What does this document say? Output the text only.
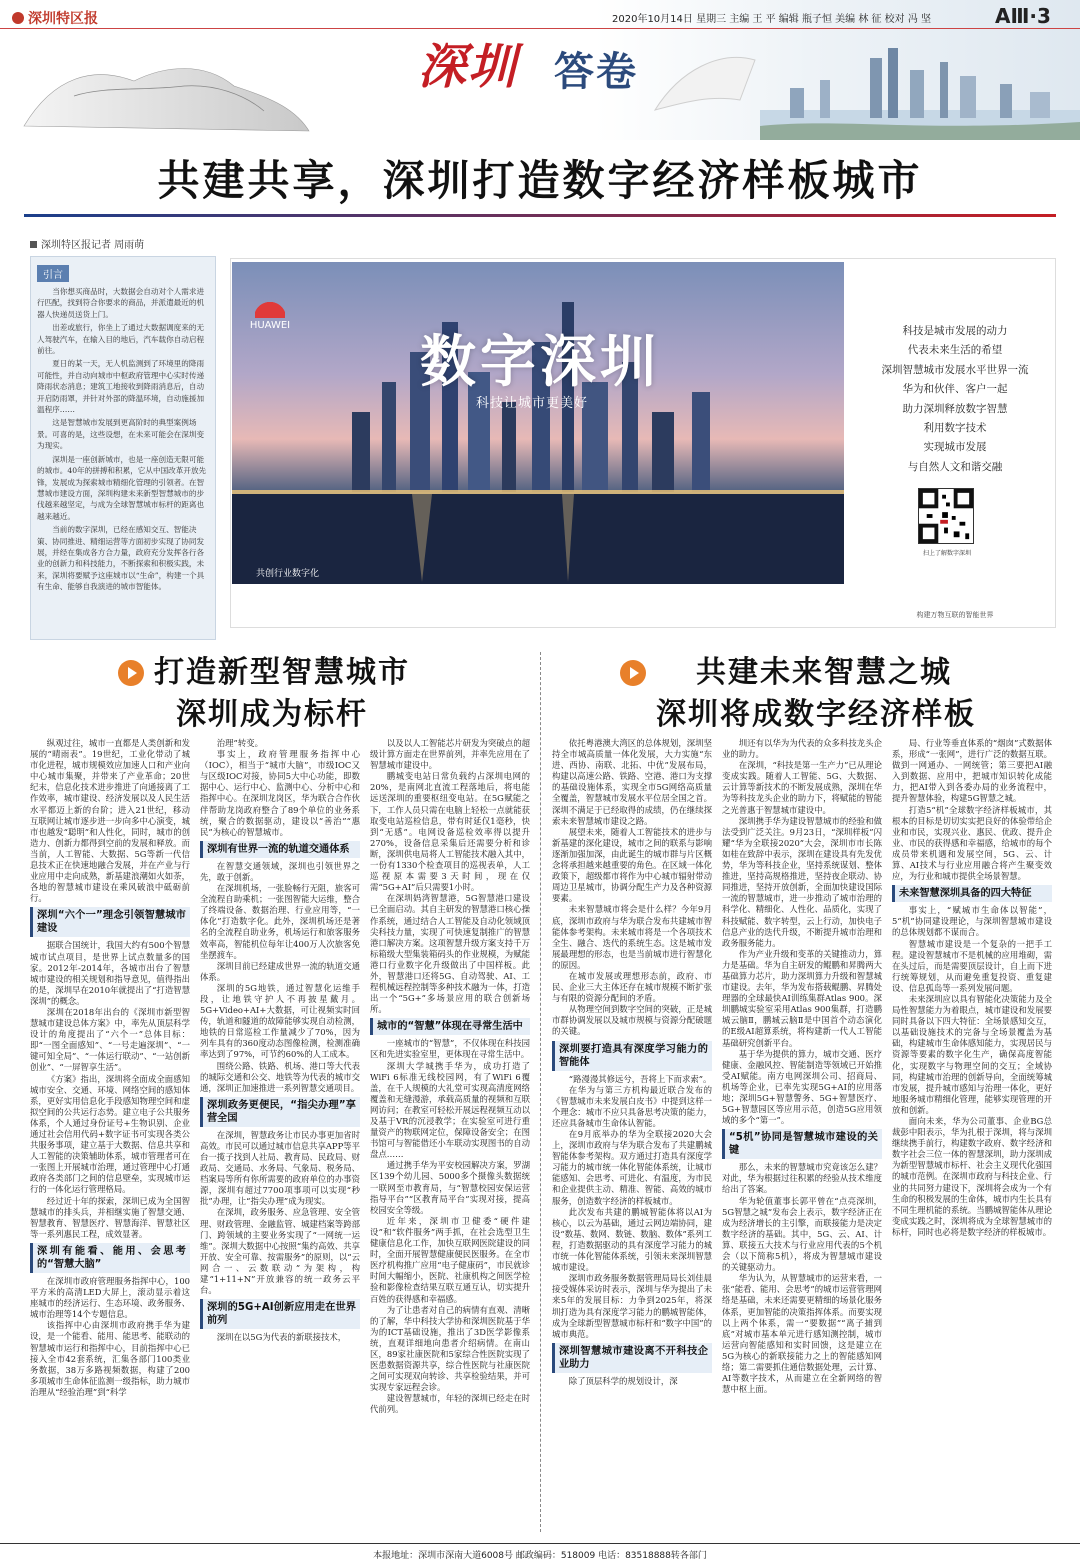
深圳特区报	2020年10月14日 星期三 主编 王 平 编辑 瓶子恒 美编 林 征 校对 冯 坚	AⅢ·3
深圳 答卷
共建共享，深圳打造数字经济样板城市
深圳特区报记者 周雨萌
引言

当你想买商品时，大数据会自动对个人需求进行匹配，找到符合你要求的商品，并派遣最近的机器人快递员送货上门。

出差或旅行，你坐上了通过大数据调度来的无人驾驶汽车，在输入目的地后，汽车载你自动启程前往。

夏日的某一天，无人机监测到了环境里的降雨可能性，并自动向城市中枢政府管理中心实时传递降雨状态消息；建筑工地接收到降雨消息后，自动开启防雨罩，并针对外部的降温环境，自动施援加温程序……

这是智慧城市发展到更高阶时的典型案例场景。可喜的是，这些设想，在未来可能会在深圳变为现实。

深圳是一座创新城市，也是一座创造无限可能的城市。40年的拼搏和积累，它从中国改革开放先锋，发展成为探索城市精细化管理的引领者。在智慧城市建设方面，深圳构建未来新型智慧城市的步伐越来越坚定，与成为全球智慧城市标杆的距离也越来越近。

当前的数字深圳，已经在感知交互、智能决策、协同推进、精细运营等方面初步实现了协同发展，并经在集成各方合力量，政府充分发挥各行各业的创新力和科技能力，不断探索和积极实践，未来，深圳将要赋予这座城市以“生命”，构建一个具有生命、能够自我演进的城市智能体。

HUAWEI
数字深圳
科技让城市更美好
共创行业数字化
科技是城市发展的动力
代表未来生活的希望
深圳智慧城市发展水平世界一流
华为和伙伴、客户一起
助力深圳释放数字智慧
利用数字技术
实现城市发展
与自然人文和谐交融
扫上了解数字深圳
构建万物互联的智能世界
打造新型智慧城市
深圳成为标杆
共建未来智慧之城
深圳将成数字经济样板

纵观过往，城市一直都是人类创新和发展的“晴雨表”。19世纪，工业化带动了城市化进程，城市规模效应加速人口和产业向中心城市集聚，并带来了产业革命；20世纪末，信息化技术进步推进了向通接离了工作效率，城市建设、经济发展以及人民生活水平都迈上新的台阶；进入21世纪，移动互联网让城市逐步进一步向多中心演变，城市也越发“聪明”和人性化，同时，城市的创造力、创新力都得到空前的发展和释放。而当前，人工智能、大数据、5G等新一代信息技术正在快速地融合发展，并在产业与行业应用中走向成熟，新基建浪潮如火如荼，各地的智慧城市建设在乘风破浪中砥砺前行。

深圳“六个一”理念引领智慧城市建设

据联合国统计，我国大约有500个智慧城市试点项目，是世界上试点数量多的国家。2012年-2014年，各城市出台了智慧城市建设的相关规划和指导意见，值得指出的是，深圳早在2010年就提出了“打造智慧深圳”的概念。

深圳在2018年出台的《深圳市新型智慧城市建设总体方案》中，率先从顶层科学设计的角度提出了“六个一”总体目标：即“一图全面感知”、“一号走遍深圳”、“一键可知全局”、“一体运行联动”、“一站创新创业”、“一屏智享生活”。

《方案》指出，深圳将全面成全面感知城市安全、交通、环境、网络空间的感知体系，更好实用信息化手段感知物理空间和虚拟空间的公共运行态势。建立电子公共服务体系，个人通过身份证号+生物识别、企业通过社会信用代码+数字证书可实现各类公共服务事项，建立基于大数据、信息共享和人工智能的决策辅助体系，城市管理者可在一张图上开展城市治理，通过管理中心打通政府各类部门之间的信息壁垒，实现城市运行的一体化运行管理格局。

经过近十年的探索，深圳已成为全国智慧城市的排头兵，并相继实施了智慧交通、智慧教育、智慧医疗、智慧海洋、智慧社区等一系列惠民工程，成效显著。

深圳有能看、能用、会思考的“智慧大脑”

在深圳市政府管理服务指挥中心，100平方米的高清LED大屏上，滚动显示着这座城市的经济运行、生态环境、政务服务、城市治理等14个专题信息。

该指挥中心由深圳市政府携手华为建设，是一个能看、能用、能思考、能联动的智慧城市运行和指挥中心，目前指挥中心已接入全市42套系统，汇集各部门100类业务数据，38万多路视频数据，构建了200多项城市生命体征监测一级指标，助力城市治理从“经验治理”到“科学

治理”转变。

事实上，政府管理服务指挥中心（IOC），相当于“城市大脑”，市级IOC又与区级IOC对接，协同5大中心功能，即数据中心、运行中心、监测中心、分析中心和指挥中心。在深圳龙岗区，华为联合合作伙伴帮助龙岗政府整合了89个单位的业务系统，聚合的数据驱动，建设以“善治”“惠民”为核心的智慧城市。

深圳有世界一流的轨道交通体系

在智慧交通领域，深圳也引领世界之先，敢于创新。

在深圳机场，一张脸畅行无阻，旅客可全流程自助乘机；一张图智能大运维，整合了终端设备、数据治理、行业应用等，“一体化”打造数字化。此外，深圳机场还是著名的全流程自助业务，机场运行和旅客服务效率高，智能机位每年让400万人次旅客免坐摆渡车。

深圳目前已经建成世界一流的轨道交通体系。

深圳的5G地铁，通过智慧化运维手段，让地铁守护人不再披星戴月。5G+Video+AI+大数据，可让视频实时回传，轨道和隧道的故障能够实现自动检测，地铁的日常巡检工作量减少了70%，因为列车具有的360度动态图像检测，检测准确率达到了97%，可节约60%的人工成本。

围绕公路、铁路、机场、港口等大代表的城际交通和公交、地铁等为代表的城市交通，深圳正加速推进一系列智慧交通项目。

深圳政务更便民，“指尖办理”享营全国

在深圳，智慧政务让市民办事更加省时高效。市民可以通过城市信息共享APP等平台一揽子找到人社局、教育局、民政局、财政局、交通局、水务局、气象局、税务局、档案局等所有你所需要的政府单位的办事资源，深圳有超过7700项事项可以实现“秒批”办理，让“指尖办理”成为现实。

在深圳，政务服务、应急管理、安全管理、财政管理、金融监管、城建档案等跨部门、跨领域的主要业务实现了“一网统一运维”。深圳大数据中心按照“集约高效、共享开放、安全可靠、按需服务”的原则，以“云网合一、云数联动”为架构，构建“1+11+N”开放兼容的统一政务云平台。

深圳的5G+AI创新应用走在世界前列

深圳在以5G为代表的新联接技术，

以及以人工智能芯片研发为突破点的超级计算方面走在世界前列，并率先应用在了智慧城市建设中。

鹏城变电站日常负载约占深圳电网的20%，是南网北直流工程落地后，将电能远送深圳的重要枢纽变电站。在5G赋能之下，工作人员只需在电脑上轻松一点就能获取变电站巡检信息，带有时延仅1毫秒，快到“无感”。电网设备巡检效率得以提升270%，设备信息采集后还需要分析和诊断，深圳供电局将人工智能技术融入其中，一份有1330个检查项目的巡视表单，人工巡视原本需要3天时间，现在仅需“5G+AI”后只需要1小时。

在深圳妈湾智慧港，5G智慧港口建设已全面启动。其自主研发的智慧港口核心操作系统，通过结合人工智能及自动化领域顶尖科技力量，实现了可快速复制推广的智慧港口解决方案。这项智慧升级方案支持千万标箱级大型集装箱码头的作业规模，为赋能港口行业数字化升级做出了中国样板。此外，智慧港口还将5G、自动驾驶、AI、工程机械远程控制等多种技术融为一体，打造出一个“5G+”多场景应用的联合创新场所。

城市的“智慧”体现在寻常生活中

一座城市的“智慧”，不仅体现在科技园区和先进实验室里，更体现在寻常生活中。

深圳大学城携手华为，成功打造了WiFi 6标准无线校园网，有了WiFi 6覆盖，在千人规模的大礼堂可实现高清度网络覆盖和无缝漫游，承载高质量的视频和互联网访问；在教室可轻松开展远程视频互动以及基于VR的沉浸教学；在实验室可进行重量资产的物联网定位，保障设备安全；在图书馆可与智能借还小车联动实现图书的自动盘点……

通过携手华为平安校园解决方案，罗湖区139个幼儿园、5000多个摄像头数据统一联网至市教育局，与“智慧校园安保运营指导平台”“区教育局平台”实现对接，提高校园安全等级。

近年来，深圳市卫健委“硬件建设”和“软件服务”两手抓，在社会选型卫生健康信息化工作，加快互联网医院建设的同时，全面开展智慧健康便民医服务。在全市医疗机构推广应用“电子健康码”，市民就诊时间大幅缩小，医院、社康机构之间医学检验和影像检查结果互联互通互认，切实提升百姓的获得感和幸福感。

为了让患者对自己的病情有直观、清晰的了解，华中科技大学协和深圳医院基于华为的ICT基础设施，推出了3D医学影像系统，直观详细地向患者介绍病情。在南山区，89家社康医院和5家综合性医院实现了医患数据资源共享，综合性医院与社康医院之间可实现双向转诊、共享检验结果，并可实现专家远程会诊。

建设智慧城市，年轻的深圳已经走在时代前列。

依托粤港澳大湾区的总体规划，深圳坚持全市城高质量一体化发展，大力实施“东进、西协、南联、北拓、中优”发展布局，构建以高速公路、铁路、空港、港口为支撑的基础设施体系，实现全市5G网络高质量全覆盖，智慧城市发展水平位居全国之首。深圳不满足于已经取得的成绩，仍在继续探索未来智慧城市建设之路。

展望未来，随着人工智能技术的进步与新基建的深化建设，城市之间的联系与影响逐渐加强加深，由此诞生的城市群与片区概念将承担越来越重要的角色。在区域一体化政策下，超级都市将作为中心城市辐射带动周边卫星城市，协调分配生产力及各种资源要素。

未来智慧城市将会是什么样？今年9月底，深圳市政府与华为联合发布共建城市智能体参考架构。未来城市将是一个各项技术全生、融合、迭代的系统生态。这是城市发展最理想的形态，也是当前城市进行智慧化的原因。

在城市发展或理想形态前，政府、市民、企业三大主体还存在城市规模不断扩张与有限的资源分配间的矛盾。

从物理空间到数字空间的突破，正是城市群协调发展以及城市规模与资源分配破题的关键。

深圳要打造具有深度学习能力的智能体

“路漫漫其修远兮，吾将上下而求索”。

在华为与第三方机构最近联合发布的《智慧城市未来发展白皮书》中提到这样一个理念：城市不应只具备思考决策的能力，还应具备城市生命体认智能。

在9月底举办的华为全联接2020大会上，深圳市政府与华为联合发布了共建鹏城智能体参考架构。双方通过打造具有深度学习能力的城市统一体化智能体系统，让城市能感知、会思考、可进化、有温度，为市民和企业提供主动、精准、智能、高效的城市服务，创造数字经济的样板城市。

此次发布共建的鹏城智能体将以AI为核心，以云为基础，通过云网边端协同，建设“数基、数网、数链、数脑、数体”系列工程，打造数据驱动的具有深度学习能力的城市统一体化智能体系统，引领未来深圳智慧城市建设。

深圳市政务服务数据管理局局长刘佳晨接受媒体采访时表示，深圳与华为提出了未来5年的发展目标：力争到2025年，将深圳打造为具有深度学习能力的鹏城智能体，成为全球新型智慧城市标杆和“数字中国”的城市典范。

深圳智慧城市建设离不开科技企业助力

除了顶层科学的规划设计，深

圳还有以华为为代表的众多科技龙头企业的助力。

在深圳，“科技是第一生产力”已从理论变成实践。随着人工智能、5G、大数据、云计算等新技术的不断发展成熟，深圳在华为等科技龙头企业的助力下，将赋能的智能之光普惠于智慧城市建设中。

深圳携手华为建设智慧城市的经验和做法受到广泛关注。9月23日，“深圳样板”闪耀“华为全联接2020”大会，深圳市市长陈如桂在致辞中表示，深圳在建设具有先发优势，华为等科技企业，坚持系统谋划、整体推进，坚持高规格推进，坚持夜企联动、协同推进，坚持开放创新，全面加快建设国际一流的智慧城市，进一步推动了城市治理的科学化、精细化、人性化、品质化，实现了科技赋能、数字转型，云上行动，加快电子信息产业的迭代升级，不断提升城市治理和政务服务能力。

作为产业升级和变革的关键推动力，算力是基础。华为自主研发的鲲鹏和昇腾两大基础算力芯片，助力深圳算力升级和智慧城市建设。去年，华为发布搭载鲲鹏、昇腾处理器的全球最快AI训练集群Atlas 900。深圳鹏城实验室采用Atlas 900集群，打造鹏城云脑Ⅱ，鹏城云脑Ⅱ是中国首个动态演化的E级AI超算系统，将构建新一代人工智能基础研究创新平台。

基于华为提供的算力，城市交通、医疗健康、金融风控、智能制造等领域已开始推受AI赋能。南方电网深圳公司、招商局、机场等企业，已率先实现5G+AI的应用落地；深圳5G+智慧警务、5G+智慧医疗、5G+智慧园区等应用示范，创造5G应用领域的多个“第一”。

“5机”协同是智慧城市建设的关键

那么，未来的智慧城市究竟该怎么建？对此，华为根据过往积累的经验从技术维度给出了答案。

华为轮值董事长郭平曾在“点亮深圳，5G智慧之城”发布会上表示，数字经济正在成为经济增长的主引擎，而联接能力是决定数字经济的基础。其中，5G、云、AI、计算、联接五大技术与行业应用代表的5个机会（以下简称5机），将成为智慧城市建设的关键驱动力。

华为认为，从智慧城市的运营来看，一张“能看、能用、会思考”的城市运营管理网络是基础，未来还需要更精细的场景化服务体系，更加智能的决策指挥体系。而要实现以上两个体系，需一“要数据”“离子捕到底”对城市基本单元进行感知测控制，城市运营向智能感知和实时回馈，这是建立在5G为核心的新联接能力之上的智能感知网络；第二需要抓住通信数据处理，云计算、AI等数字技术，从而建立在全新网络的智慧中枢上面。

局、行业等垂直体系的“烟囱”式数据体系，形成“一张网”，进行广泛的数据互联。做到一网通办、一网统管；第三要把AI融入到数据、应用中，把城市知识转化成能力，把AI带入到各委办局的业务流程中，提升智慧体验，构建5G智慧之城。

打造5“机”全球数字经济样板城市，其根本的目标是切切实实把良好的体验带给企业和市民，实现兴业、惠民、优政、提升企业、市民的获得感和幸福感，给城市的每个成员带来机遇和发展空间，5G、云、计算、AI技术与行业应用融合将产生聚变效应，为行业和城市提供全场景智慧。

未来智慧深圳具备的四大特征

事实上，“赋城市生命体以智能”，5“机”协同建设理论，与深圳智慧城市建设的总体规划都不谋而合。

智慧城市建设是一个复杂的一把手工程。建设智慧城市不是机械的应用堆砌，需在头过后，而是需要顶层设计，自上而下进行统筹规划，从而避免重复投资、重复建设、信息孤岛等一系列发展问题。

未来深圳应以具有智能化决策能力及全局性智慧能力为着眼点，城市建设和发展要同时具备以下四大特征：全场景感知交互，以基础设施技术的完备与全场景覆盖为基础，构建城市生命体感知能力，实现居民与资源等要素的数字化生产，确保高度智能化，实现数字与物理空间的交互；全域协同，构建城市治理的创新导向，全面统筹城市发展，提升城市感知与治理一体化，更好地服务城市精细化管理，能够实现管理的开放和创新。

面向未来，华为公司董事、企业BG总裁彭中阳表示，华为扎根于深圳，将与深圳继续携手前行，构建数字政府、数字经济和数字社会三位一体的智慧深圳，助力深圳成为新型智慧城市标杆、社会主义现代化强国的城市范例。在深圳市政府与科技企业、行业的共同努力建设下，深圳将会成为一个有生命的积极发展的生命体，城市内生长具有不同生理机能的系统。当鹏城智能体从理论变成实践之时，深圳将成为全球智慧城市的标杆，同时也必将是数字经济的样板城市。

本报地址：深圳市深南大道6008号 邮政编码：518009 电话：83518888转各部门
